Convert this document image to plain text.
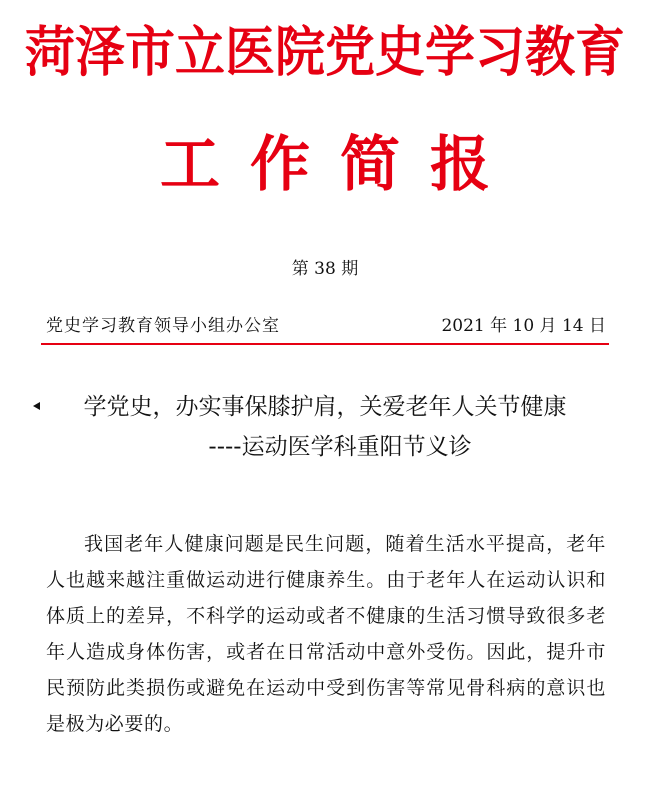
菏泽市立医院党史学习教育
工作简报
第 38 期
党史学习教育领导小组办公室	2021 年 10 月 14 日
学党史，办实事保膝护肩，关爱老年人关节健康
----运动医学科重阳节义诊
我国老年人健康问题是民生问题，随着生活水平提高，老年人也越来越注重做运动进行健康养生。由于老年人在运动认识和体质上的差异，不科学的运动或者不健康的生活习惯导致很多老年人造成身体伤害，或者在日常活动中意外受伤。因此，提升市民预防此类损伤或避免在运动中受到伤害等常见骨科病的意识也是极为必要的。
